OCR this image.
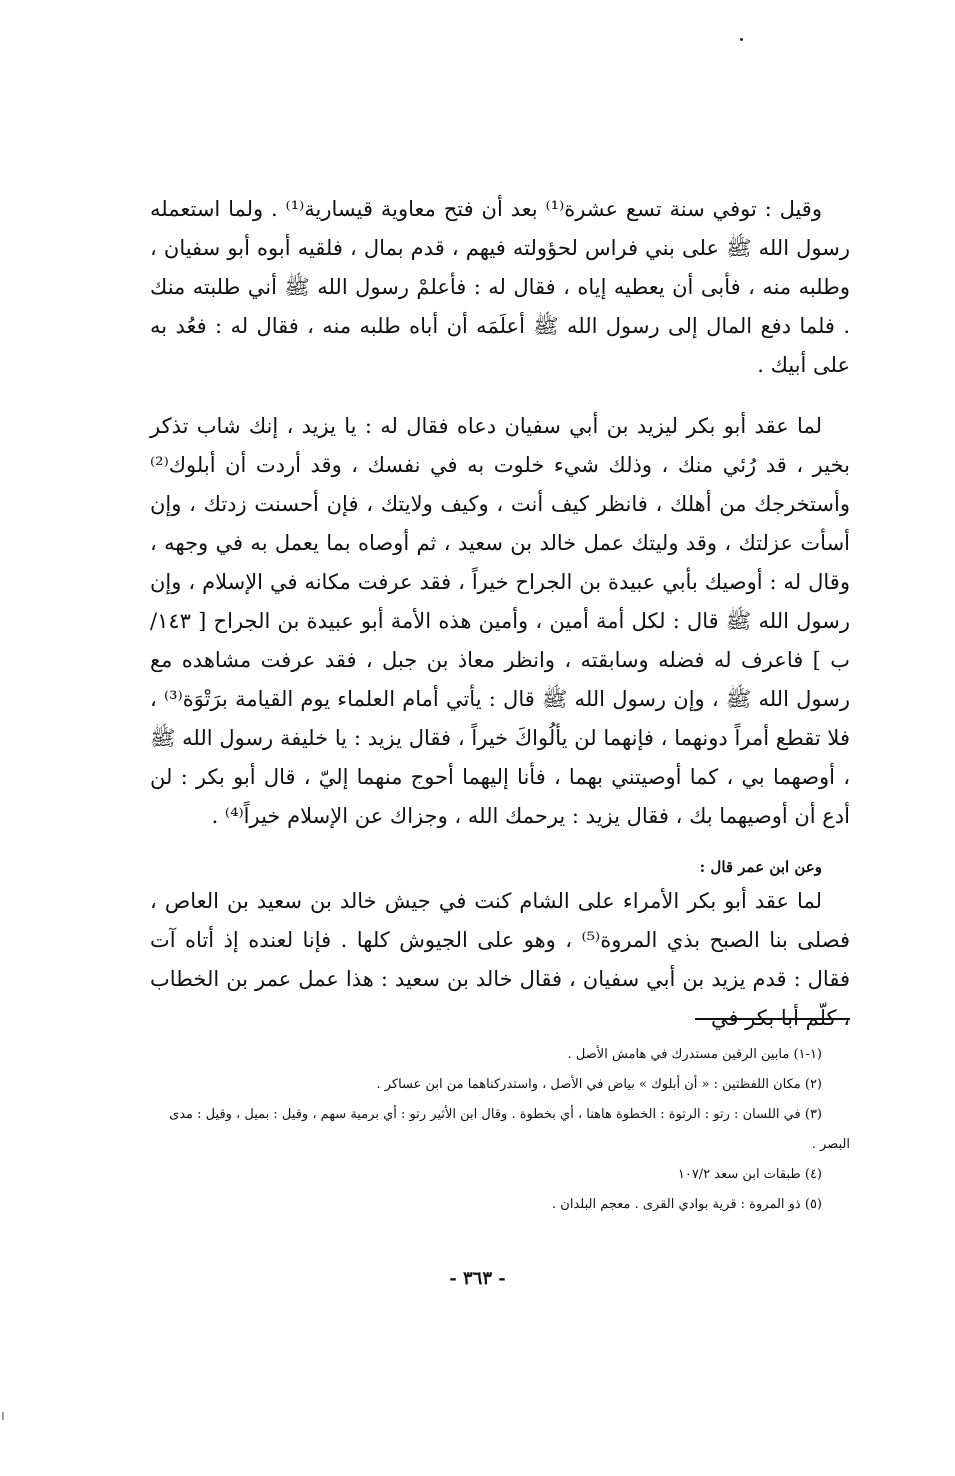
وقيل : توفي سنة تسع عشرة⁽¹⁾ بعد أن فتح معاوية قيسارية⁽¹⁾ . ولما استعمله رسول الله ﷺ على بني فراس لحؤولته فيهم ، قدم بمال ، فلقيه أبوه أبو سفيان ، وطلبه منه ، فأبى أن يعطيه إياه ، فقال له : فأعلمْ رسول الله ﷺ أني طلبته منك . فلما دفع المال إلى رسول الله ﷺ أعلَمَه أن أباه طلبه منه ، فقال له : فعُد به على أبيك .

لما عقد أبو بكر ليزيد بن أبي سفيان دعاه فقال له : يا يزيد ، إنك شاب تذكر بخير ، قد رُئي منك ، وذلك شيء خلوت به في نفسك ، وقد أردت أن أبلوك⁽²⁾ وأستخرجك من أهلك ، فانظر كيف أنت ، وكيف ولايتك ، فإن أحسنت زدتك ، وإن أسأت عزلتك ، وقد وليتك عمل خالد بن سعيد ، ثم أوصاه بما يعمل به في وجهه ، وقال له : أوصيك بأبي عبيدة بن الجراح خيراً ، فقد عرفت مكانه في الإسلام ، وإن رسول الله ﷺ قال : لكل أمة أمين ، وأمين هذه الأمة أبو عبيدة بن الجراح [ ١٤٣/ب ] فاعرف له فضله وسابقته ، وانظر معاذ بن جبل ، فقد عرفت مشاهده مع رسول الله ﷺ ، وإن رسول الله ﷺ قال : يأتي أمام العلماء يوم القيامة برَتْوَة⁽³⁾ ، فلا تقطع أمراً دونهما ، فإنهما لن يألُواكَ خيراً ، فقال يزيد : يا خليفة رسول الله ﷺ ، أوصهما بي ، كما أوصيتني بهما ، فأنا إليهما أحوج منهما إليّ ، قال أبو بكر : لن أدع أن أوصيهما بك ، فقال يزيد : يرحمك الله ، وجزاك عن الإسلام خيراً⁽⁴⁾ .

وعن ابن عمر قال :

لما عقد أبو بكر الأمراء على الشام كنت في جيش خالد بن سعيد بن العاص ، فصلى بنا الصبح بذي المروة⁽⁵⁾ ، وهو على الجيوش كلها . فإنا لعنده إذ أتاه آت فقال : قدم يزيد بن أبي سفيان ، فقال خالد بن سعيد : هذا عمل عمر بن الخطاب ، كلّم أبا بكر في

(١-١) مابين الرقين مستدرك في هامش الأصل .

(٢) مكان اللفظتين : « أن أبلوك » بياض في الأصل ، واستدركناهما من ابن عساكر .

(٣) في اللسان : رتو : الرتوة : الخطوة هاهنا ، أي بخطوة . وقال ابن الأثير رتو : أي برمية سهم ، وقيل : بميل ، وقيل : مدى البصر .

(٤) طبقات ابن سعد ١٠٧/٢

(٥) ذو المروة : قرية بوادي القرى . معجم البلدان .

- ٣٦٣ -
